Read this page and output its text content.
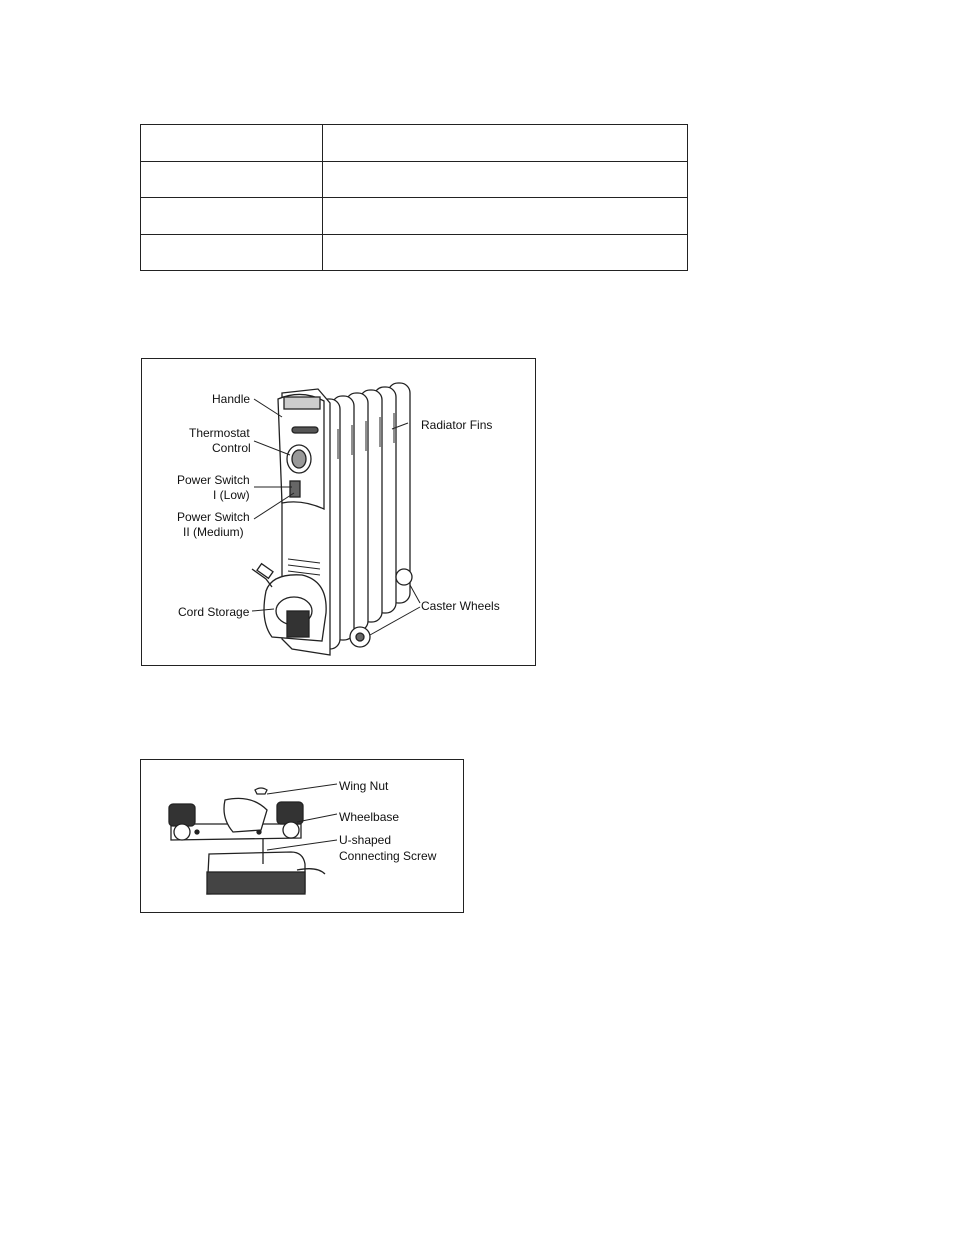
Handle
Thermostat
Control
Power Switch
I (Low)
Power Switch
II (Medium)
Cord Storage
Radiator Fins
Caster Wheels
Wing Nut
Wheelbase
U-shaped
Connecting Screw
